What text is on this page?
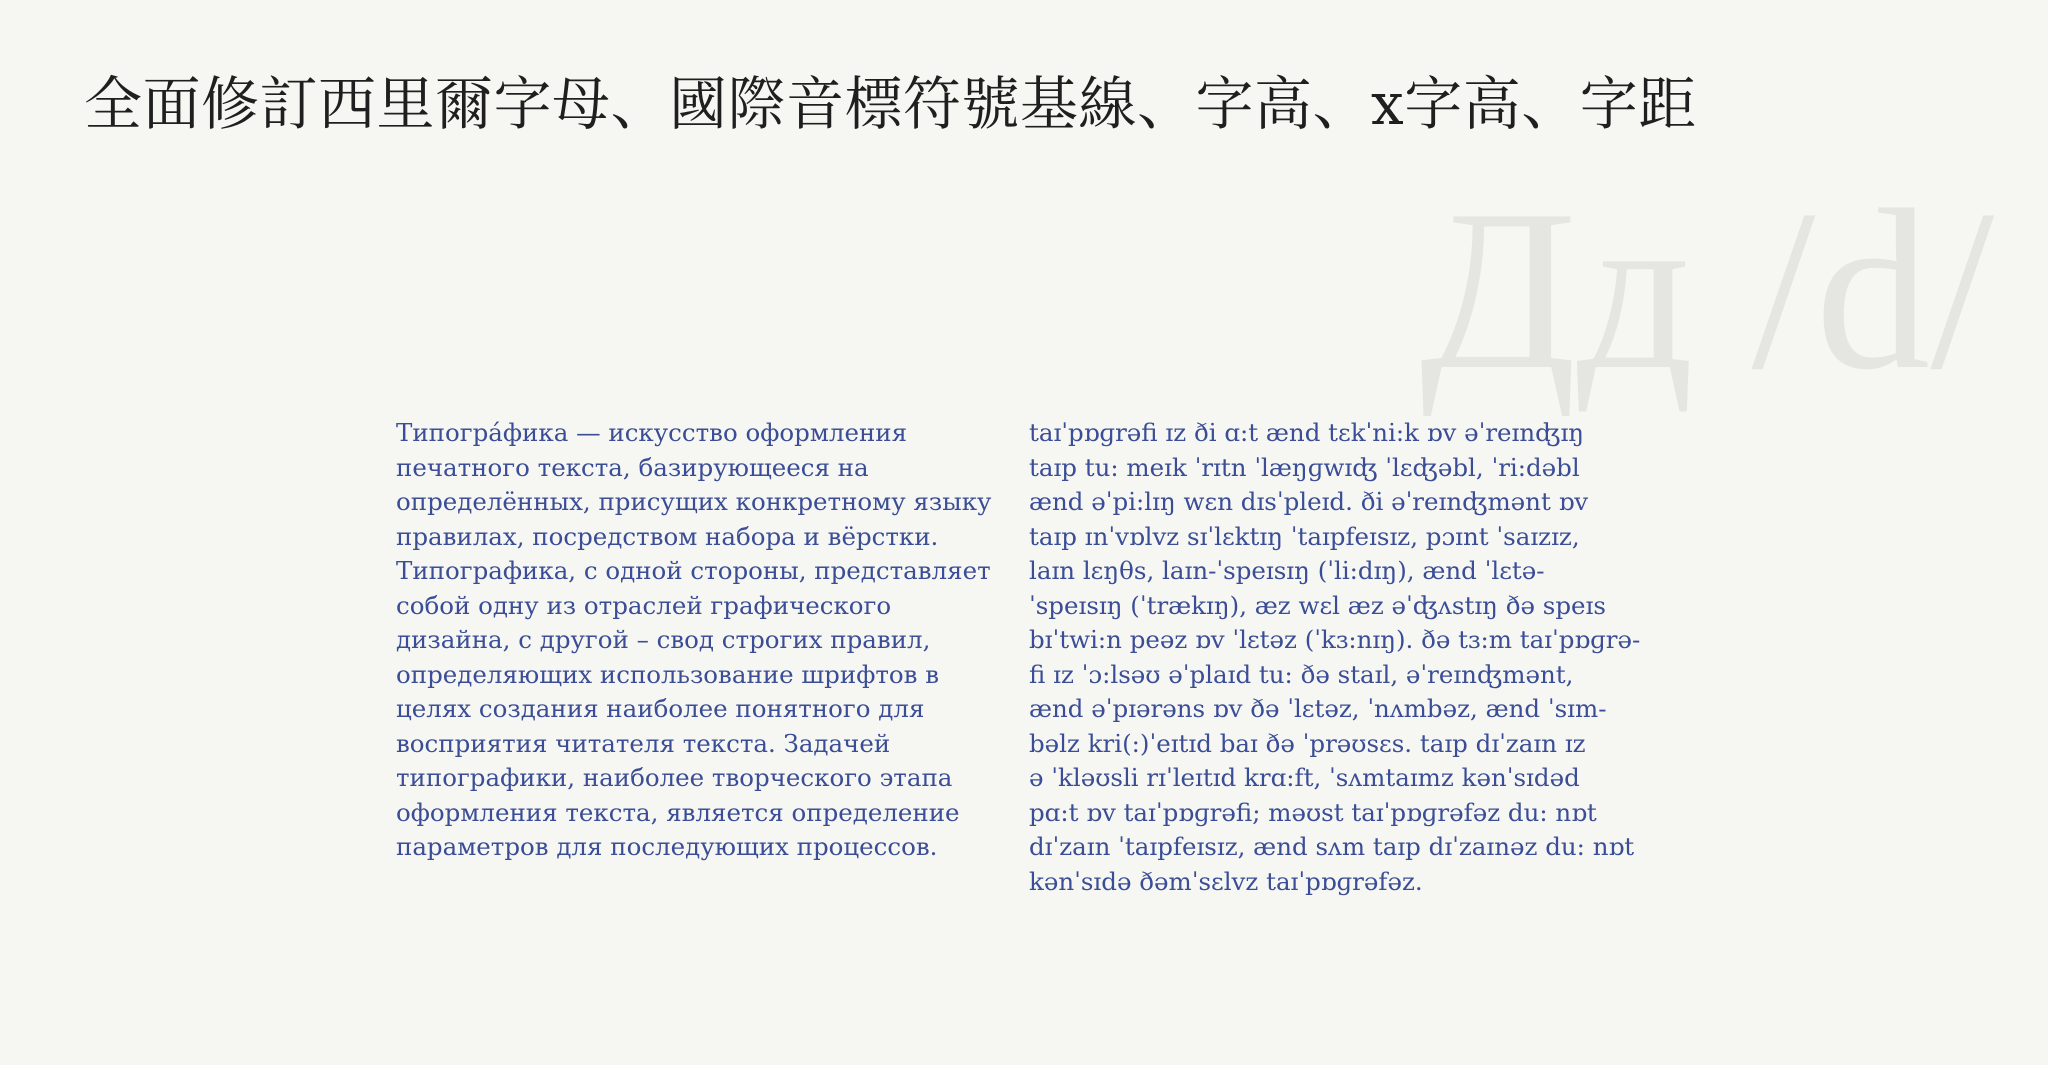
全面修訂西里爾字母、國際音標符號基線、字高、x字高、字距
Дд /d/

Типогра́фика — искусство оформления
печатного текста, базирующееся на
определённых, присущих конкретному языку
правилах, посредством набора и вёрстки.
Типографика, с одной стороны, представляет
собой одну из отраслей графического
дизайна, с другой – свод строгих правил,
определяющих использование шрифтов в
целях создания наиболее понятного для
восприятия читателя текста. Задачей
типографики, наиболее творческого этапа
оформления текста, является определение
параметров для последующих процессов.

taɪˈpɒɡrəfi ɪz ði ɑ:t ænd tɛkˈni:k ɒv əˈreɪnʤɪŋ
taɪp tu: meɪk ˈrɪtn ˈlæŋɡwɪʤ ˈlɛʤəbl, ˈri:dəbl
ænd əˈpi:lɪŋ wɛn dɪsˈpleɪd. ði əˈreɪnʤmənt ɒv
taɪp ɪnˈvɒlvz sɪˈlɛktɪŋ ˈtaɪpfeɪsɪz, pɔɪnt ˈsaɪzɪz,
laɪn lɛŋθs, laɪn-ˈspeɪsɪŋ (ˈli:dɪŋ), ænd ˈlɛtə-
ˈspeɪsɪŋ (ˈtrækɪŋ), æz wɛl æz əˈʤʌstɪŋ ðə speɪs
bɪˈtwi:n peəz ɒv ˈlɛtəz (ˈkɜ:nɪŋ). ðə tɜ:m taɪˈpɒɡrə-
fi ɪz ˈɔ:lsəʊ əˈplaɪd tu: ðə staɪl, əˈreɪnʤmənt,
ænd əˈpɪərəns ɒv ðə ˈlɛtəz, ˈnʌmbəz, ænd ˈsɪm-
bəlz kri(:)ˈeɪtɪd baɪ ðə ˈprəʊsɛs. taɪp dɪˈzaɪn ɪz
ə ˈkləʊsli rɪˈleɪtɪd krɑ:ft, ˈsʌmtaɪmz kənˈsɪdəd
pɑ:t ɒv taɪˈpɒɡrəfi; məʊst taɪˈpɒɡrəfəz du: nɒt
dɪˈzaɪn ˈtaɪpfeɪsɪz, ænd sʌm taɪp dɪˈzaɪnəz du: nɒt
kənˈsɪdə ðəmˈsɛlvz taɪˈpɒɡrəfəz.
